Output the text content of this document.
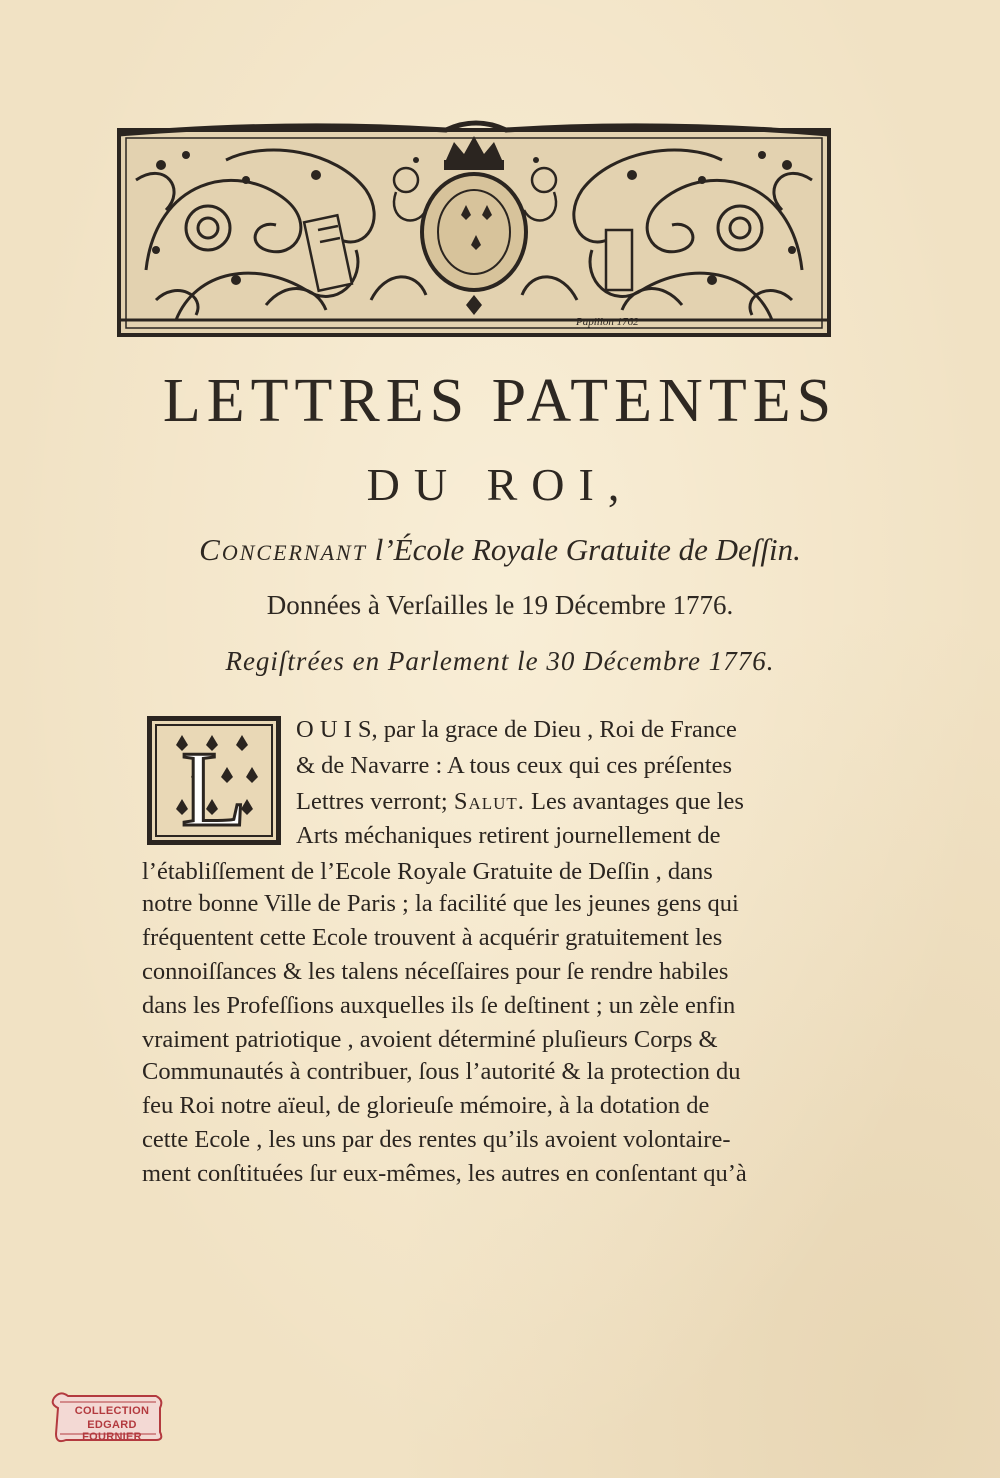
Papillon 1762
LETTRES PATENTES
DU ROI,
Concernant l’École Royale Gratuite de Deſſin.
Données à Verſailles le 19 Décembre 1776.
Regiſtrées en Parlement le 30 Décembre 1776.
L
O U I S, par la grace de Dieu , Roi de France
& de Navarre : A tous ceux qui ces préſentes
Lettres verront; Salut. Les avantages que les
Arts méchaniques retirent journellement de
l’établiſſement de l’Ecole Royale Gratuite de Deſſin , dans
notre bonne Ville de Paris ; la facilité que les jeunes gens qui
fréquentent cette Ecole trouvent à acquérir gratuitement les
connoiſſances & les talens néceſſaires pour ſe rendre habiles
dans les Profeſſions auxquelles ils ſe deſtinent ; un zèle enfin
vraiment patriotique , avoient déterminé pluſieurs Corps &
Communautés à contribuer, ſous l’autorité & la protection du
feu Roi notre aïeul, de glorieuſe mémoire, à la dotation de
cette Ecole , les uns par des rentes qu’ils avoient volontaire-
ment conſtituées ſur eux-mêmes, les autres en conſentant qu’à
COLLECTION
EDGARD FOURNIER
